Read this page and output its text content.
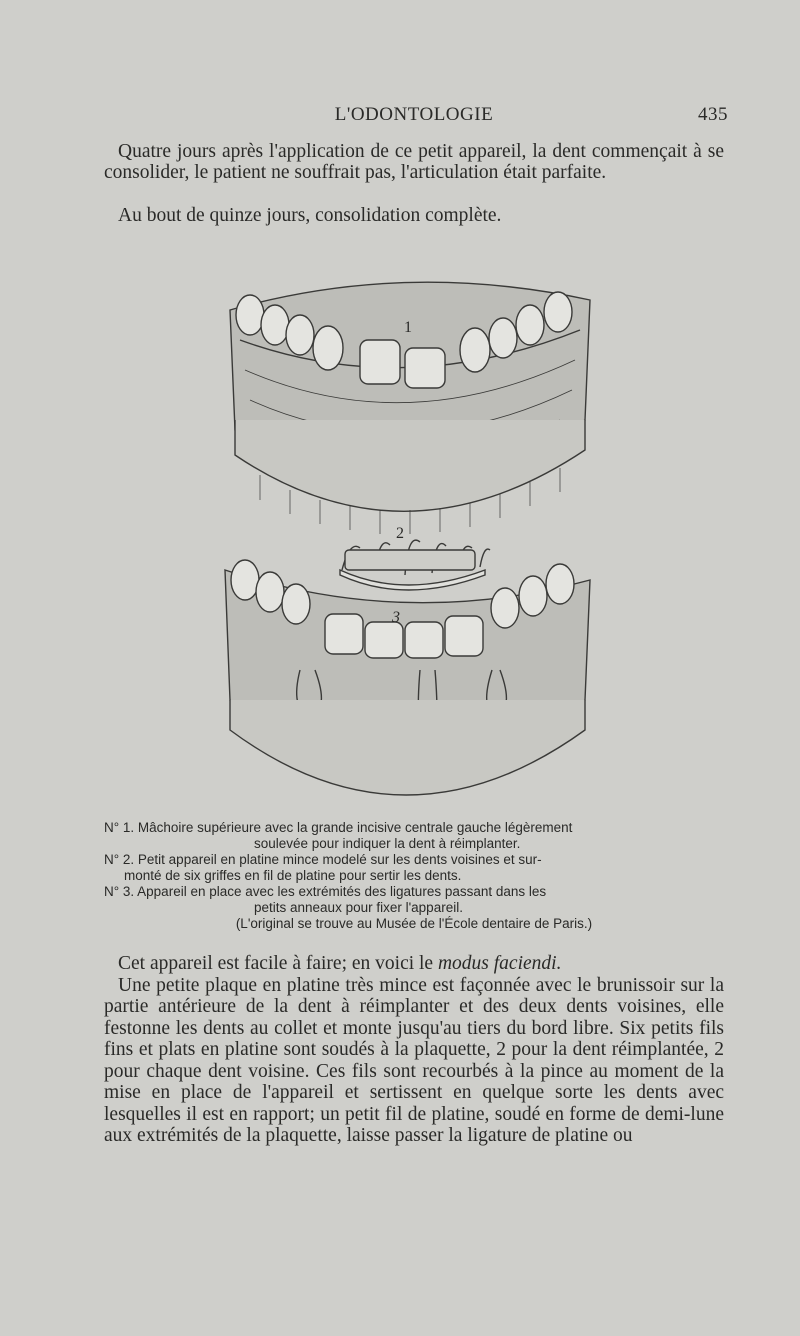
L'ODONTOLOGIE	435

Quatre jours après l'application de ce petit appareil, la dent commençait à se consolider, le patient ne souffrait pas, l'articulation était parfaite.

Au bout de quinze jours, consolidation complète.

1
2
3
N° 1. Mâchoire supérieure avec la grande incisive centrale gauche légèrement
soulevée pour indiquer la dent à réimplanter.
N° 2. Petit appareil en platine mince modelé sur les dents voisines et sur-
monté de six griffes en fil de platine pour sertir les dents.
N° 3. Appareil en place avec les extrémités des ligatures passant dans les
petits anneaux pour fixer l'appareil.
(L'original se trouve au Musée de l'École dentaire de Paris.)
Cet appareil est facile à faire; en voici le modus faciendi.
Une petite plaque en platine très mince est façonnée avec le brunissoir sur la partie antérieure de la dent à réimplanter et des deux dents voisines, elle festonne les dents au collet et monte jusqu'au tiers du bord libre. Six petits fils fins et plats en platine sont soudés à la plaquette, 2 pour la dent réimplantée, 2 pour chaque dent voisine. Ces fils sont recourbés à la pince au moment de la mise en place de l'appareil et sertissent en quelque sorte les dents avec lesquelles il est en rapport; un petit fil de platine, soudé en forme de demi-lune aux extrémités de la plaquette, laisse passer la ligature de platine ou
